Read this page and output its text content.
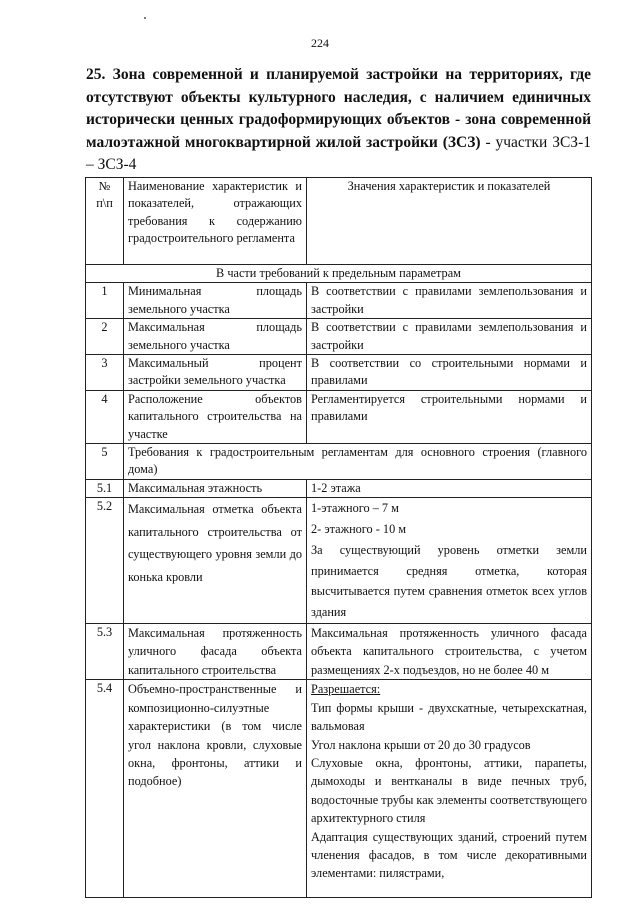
224
25. Зона современной и планируемой застройки на территориях, где отсутствуют объекты культурного наследия, с наличием единичных исторически ценных градоформирующих объектов - зона современной малоэтажной многоквартирной жилой застройки (ЗСЗ) - участки ЗСЗ-1 – ЗСЗ-4
№ п\п	Наименование характеристик и показателей, отражающих требования к содержанию градостроительного регламента	Значения характеристик и показателей
В части требований к предельным параметрам		
1	Минимальная площадь земельного участка	В соответствии с правилами землепользования и застройки
2	Максимальная площадь земельного участка	В соответствии с правилами землепользования и застройки
3	Максимальный процент застройки земельного участка	В соответствии со строительными нормами и правилами
4	Расположение объектов капитального строительства на участке	Регламентируется строительными нормами и правилами
5	Требования к градостроительным регламентам для основного строения (главного дома)	
5.1	Максимальная этажность	1-2 этажа
5.2	Максимальная отметка объекта капитального строительства от существующего уровня земли до конька кровли	1-этажного – 7 м

2- этажного - 10 м

За существующий уровень отметки земли принимается средняя отметка, которая высчитывается путем сравнения отметок всех углов здания

5.3	Максимальная протяженность уличного фасада объекта капитального строительства	Максимальная протяженность уличного фасада объекта капитального строительства, с учетом размещениях 2-х подъездов, но не более 40 м
5.4	Объемно-пространственные и композиционно-силуэтные характеристики (в том числе угол наклона кровли, слуховые окна, фронтоны, аттики и подобное)	Разрешается:

Тип формы крыши - двухскатные, четырехскатная, вальмовая

Угол наклона крыши от 20 до 30 градусов

Слуховые окна, фронтоны, аттики, парапеты, дымоходы и вентканалы в виде печных труб, водосточные трубы как элементы соответствующего архитектурного стиля

Адаптация существующих зданий, строений путем членения фасадов, в том числе декоративными элементами: пилястрами,
